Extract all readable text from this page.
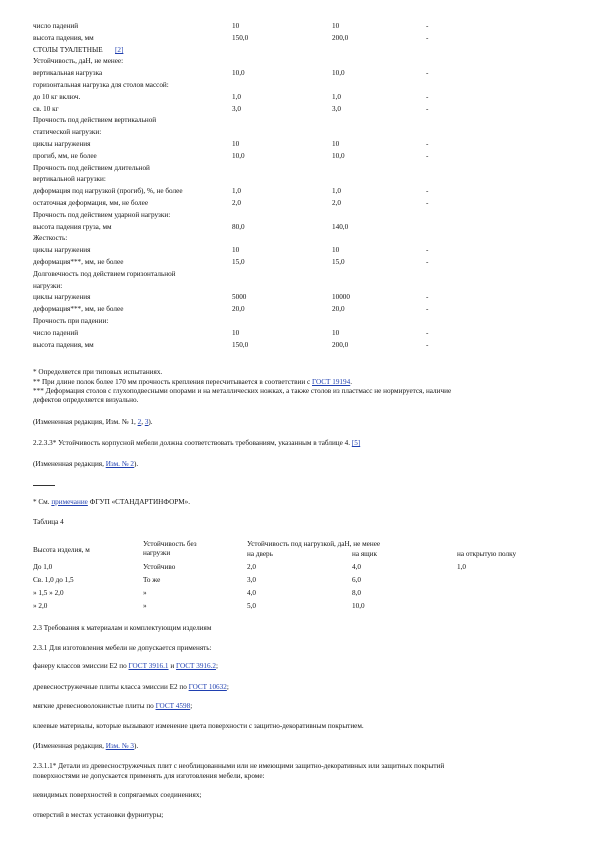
число падений	10	10	-
высота падения, мм	150,0	200,0	-
СТОЛЫ ТУАЛЕТНЫЕ [2]
Устойчивость, даН, не менее:
вертикальная нагрузка	10,0	10,0	-
горизонтальная нагрузка для столов массой:
до 10 кг включ.	1,0	1,0	-
св. 10 кг	3,0	3,0	-
Прочность под действием вертикальной
статической нагрузки:
циклы нагружения	10	10	-
прогиб, мм, не более	10,0	10,0	-
Прочность под действием длительной
вертикальной нагрузки:
деформация под нагрузкой (прогиб), %, не более	1,0	1,0	-
остаточная деформация, мм, не более	2,0	2,0	-
Прочность под действием ударной нагрузки:
высота падения груза, мм	80,0	140,0
Жесткость:
циклы нагружения	10	10	-
деформация***, мм, не более	15,0	15,0	-
Долговечность под действием горизонтальной
нагрузки:
циклы нагружения	5000	10000	-
деформация***, мм, не более	20,0	20,0	-
Прочность при падении:
число падений	10	10	-
высота падения, мм	150,0	200,0	-
* Определяется при типовых испытаниях.
** При длине полок более 170 мм прочность крепления пересчитывается в соответствии с ГОСТ 19194.
*** Деформация столов с глухоподвесными опорами и на металлических ножках, а также столов из пластмасс не нормируется, наличие
дефектов определяется визуально.
(Измененная редакция, Изм. № 1, 2, 3).
2.2.3.3* Устойчивость корпусной мебели должна соответствовать требованиям, указанным в таблице 4. [5]
(Измененная редакция, Изм. № 2).
* См. примечание ФГУП «СТАНДАРТИНФОРМ».
Таблица 4
Высота изделия, м
Устойчивость без
нагрузки
Устойчивость под нагрузкой, даН, не менее
на дверь	на ящик	на открытую полку
До 1,0	Устойчиво	2,0	4,0	1,0
Св. 1,0 до 1,5	То же	3,0	6,0
» 1,5 » 2,0	»	4,0	8,0
» 2,0	»	5,0	10,0
2.3 Требования к материалам и комплектующим изделиям
2.3.1 Для изготовления мебели не допускается применять:
фанеру классов эмиссии Е2 по ГОСТ 3916.1 и ГОСТ 3916.2;
древесностружечные плиты класса эмиссии Е2 по ГОСТ 10632;
мягкие древесноволокнистые плиты по ГОСТ 4598;
клеевые материалы, которые вызывают изменение цвета поверхности с защитно-декоративным покрытием.
(Измененная редакция, Изм. № 3).
2.3.1.1* Детали из древесностружечных плит с необлицованными или не имеющими защитно-декоративных или защитных покрытий
поверхностями не допускается применять для изготовления мебели, кроме:
невидимых поверхностей в сопрягаемых соединениях;
отверстий в местах установки фурнитуры;
